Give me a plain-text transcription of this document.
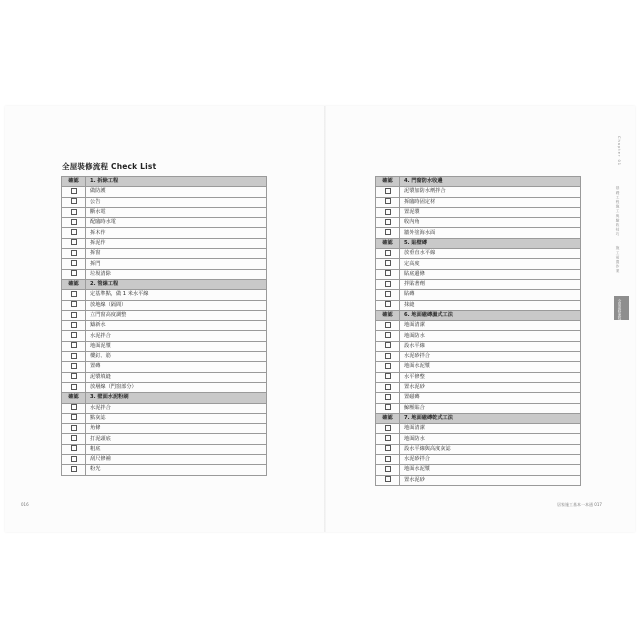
全屋裝修流程 Check List
確認	1. 拆除工程
	做防護
	公告
	斷水電
	配臨時水電
	拆木作
	拆泥作
	拆窗
	拆門
	垃圾清除
確認	2. 管線工程
	定基準點，做 1 米水平線
	放地線（隔間）
	立門窗高度調整
	鑄新水
	水泥拌合
	地面泥漿
	樓釘、筋
	置磚
	泥漿填縫
	放層線（門窗部分）
確認	3. 壁面水泥粉刷
	水泥拌合
	點灰誌
	角條
	打泥頭底
	粗底
	刮尺修補
	粉光
確認	4. 門窗防水收邊
	泥漿加防水劑拌合
	拆臨時固定材
	置泥漿
	收內角
	牆外塗海水面
確認	5. 貼壁磚
	放垂直水平線
	定高度
	貼底邊條
	拌貼著劑
	貼磚
	抹縫
確認	6. 地面磁磚濕式工法
	地面清潔
	地面防水
	設水平線
	水泥砂拌合
	地面水泥漿
	水平修整
	置水泥砂
	置磁磚
	鯨壓貼合
確認	7. 地面磁磚乾式工法
	地面清潔
	地面防水
	設水平線與高度灰誌
	水泥砂拌合
	地面水泥漿
	置水泥砂
016	居家施工基本一本通 017
Chapter 01
基礎工程施工與驗收技巧
施工前置作業
全屋裝修流程
